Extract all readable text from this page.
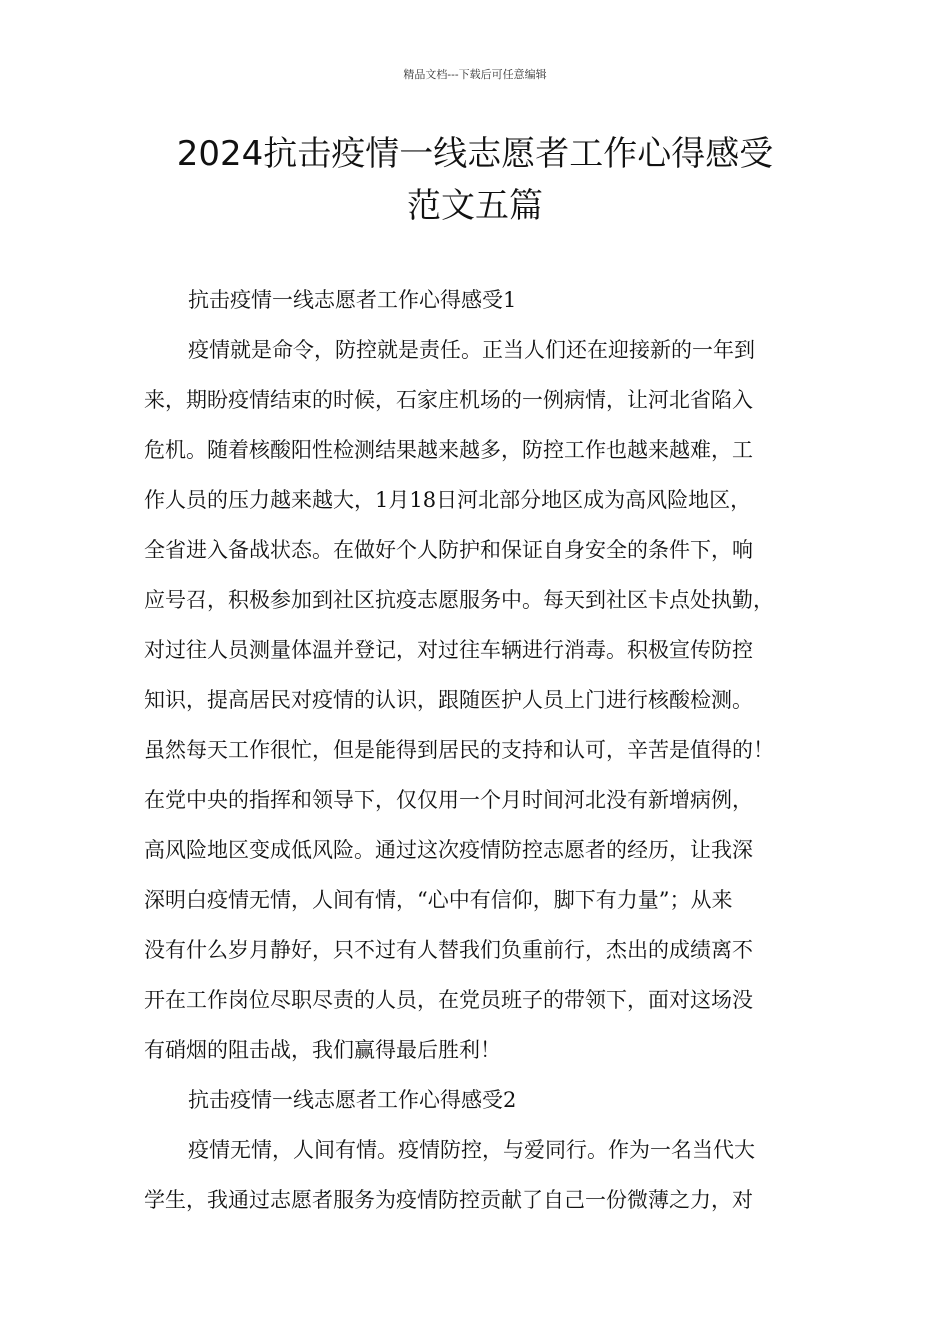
精品文档---下载后可任意编辑
2024抗击疫情一线志愿者工作心得感受
范文五篇
抗击疫情一线志愿者工作心得感受1
疫情就是命令，防控就是责任。正当人们还在迎接新的一年到
来，期盼疫情结束的时候，石家庄机场的一例病情，让河北省陷入
危机。随着核酸阳性检测结果越来越多，防控工作也越来越难，工
作人员的压力越来越大，1月18日河北部分地区成为高风险地区，
全省进入备战状态。在做好个人防护和保证自身安全的条件下，响
应号召，积极参加到社区抗疫志愿服务中。每天到社区卡点处执勤，
对过往人员测量体温并登记，对过往车辆进行消毒。积极宣传防控
知识，提高居民对疫情的认识，跟随医护人员上门进行核酸检测。
虽然每天工作很忙，但是能得到居民的支持和认可，辛苦是值得的！
在党中央的指挥和领导下，仅仅用一个月时间河北没有新增病例，
高风险地区变成低风险。通过这次疫情防控志愿者的经历，让我深
深明白疫情无情，人间有情，“心中有信仰，脚下有力量”；从来
没有什么岁月静好，只不过有人替我们负重前行，杰出的成绩离不
开在工作岗位尽职尽责的人员，在党员班子的带领下，面对这场没
有硝烟的阻击战，我们赢得最后胜利！
抗击疫情一线志愿者工作心得感受2
疫情无情，人间有情。疫情防控，与爱同行。作为一名当代大
学生，我通过志愿者服务为疫情防控贡献了自己一份微薄之力，对
